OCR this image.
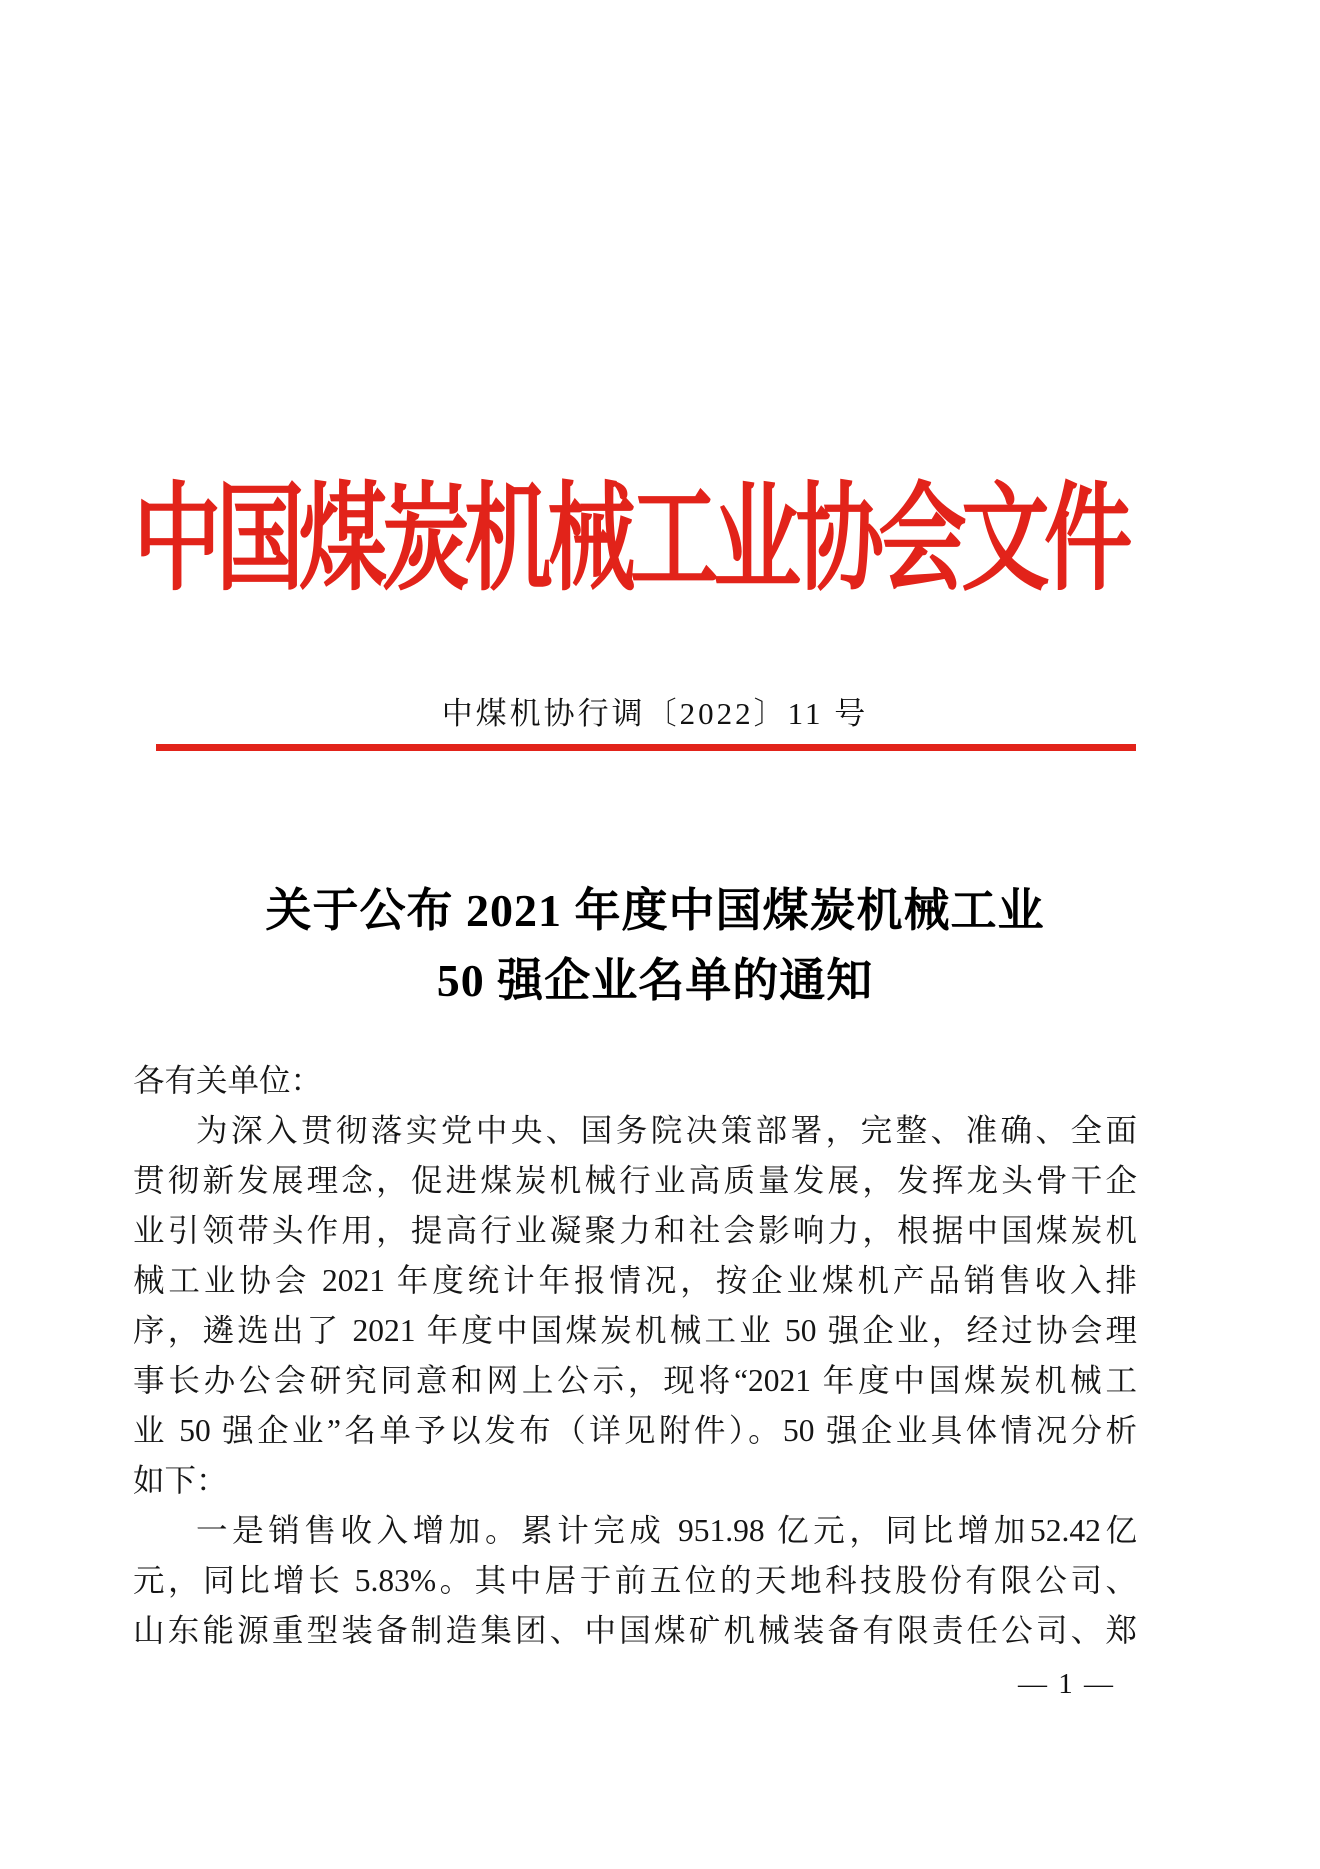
中国煤炭机械工业协会文件
中煤机协行调〔2022〕11 号
关于公布 2021 年度中国煤炭机械工业
50 强企业名单的通知
各有关单位：
为深入贯彻落实党中央、国务院决策部署，完整、准确、全面
贯彻新发展理念，促进煤炭机械行业高质量发展，发挥龙头骨干企
业引领带头作用，提高行业凝聚力和社会影响力，根据中国煤炭机
械工业协会 2021 年度统计年报情况，按企业煤机产品销售收入排
序，遴选出了 2021 年度中国煤炭机械工业 50 强企业，经过协会理
事长办公会研究同意和网上公示，现将“2021 年度中国煤炭机械工
业 50 强企业”名单予以发布（详见附件）。50 强企业具体情况分析
如下：
一是销售收入增加。累计完成 951.98 亿元，同比增加52.42亿
元，同比增长 5.83%。其中居于前五位的天地科技股份有限公司、
山东能源重型装备制造集团、中国煤矿机械装备有限责任公司、郑
— 1 —
